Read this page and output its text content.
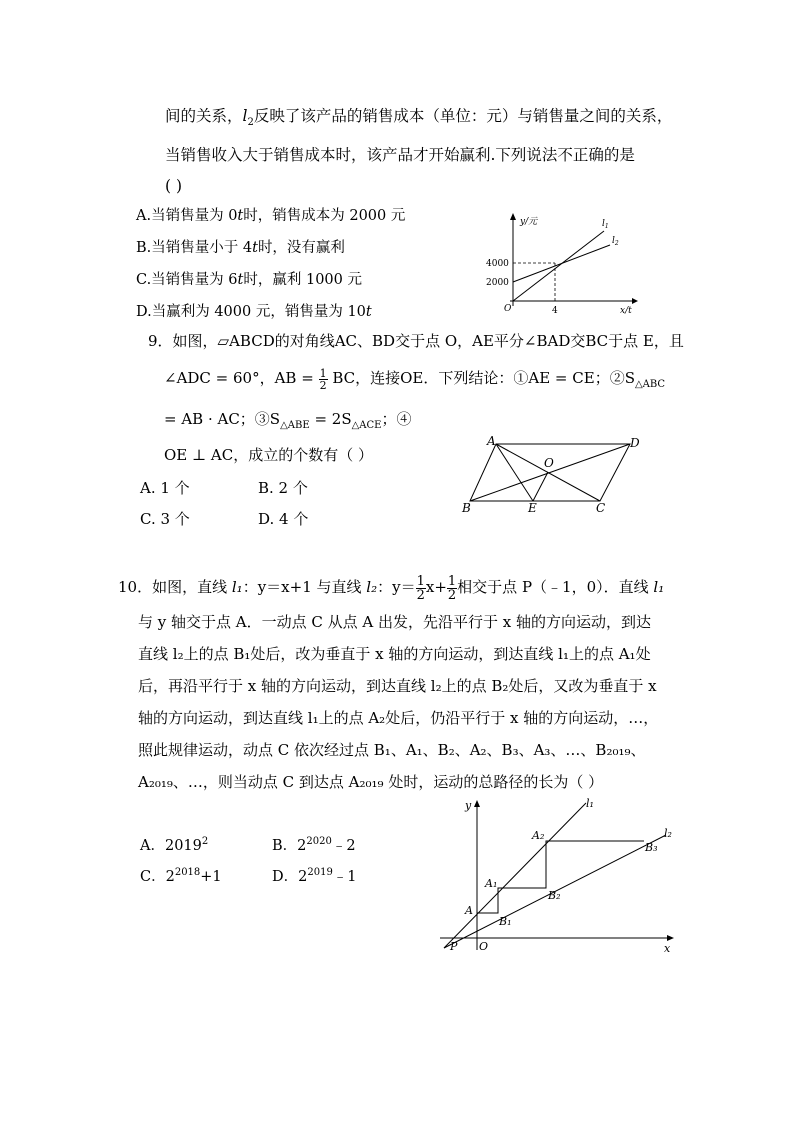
间的关系，$l_2$反映了该产品的销售成本（单位：元）与销售量之间的关系，
当销售收入大于销售成本时，该产品才开始赢利.下列说法不正确的是
( )
A.当销售量为 0t时，销售成本为 2000 元
B.当销售量小于 4t时，没有赢利
C.当销售量为 6t时，赢利 1000 元
D.当赢利为 4000 元，销售量为 10t
y/元
x/t
O
4000
2000
4
$l_1$
$l_2$
9．如图，▱ABCD的对角线AC、BD交于点 O，AE平分∠BAD交BC于点 E，且
∠ADC = 60°，AB = $\frac{1}{2}$ BC，连接OE．下列结论：①AE = CE；$②S_{\triangle ABC}$
= AB · AC；$③S_{\triangle ABE} = 2S_{\triangle ACE}$；④
OE ⊥ AC，成立的个数有（ ）
A. 1 个	B. 2 个
C. 3 个	D. 4 个
A	D
O
B	E	C
10．如图，直线 l₁：y＝x+1 与直线 l₂：$y= \frac{1}{2} x+ \frac{1}{2}$ 相交于点 P（﹣1，0）．直线 l₁
与 y 轴交于点 A．一动点 C 从点 A 出发，先沿平行于 x 轴的方向运动，到达
直线 l₂上的点 B₁处后，改为垂直于 x 轴的方向运动，到达直线 l₁上的点 A₁处
后，再沿平行于 x 轴的方向运动，到达直线 l₂上的点 B₂处后，又改为垂直于 x
轴的方向运动，到达直线 l₁上的点 A₂处后，仍沿平行于 x 轴的方向运动，…，
照此规律运动，动点 C 依次经过点 B₁、A₁、B₂、A₂、B₃、A₃、…、B₂₀₁₉、
A₂₀₁₉、…，则当动点 C 到达点 A₂₀₁₉ 处时，运动的总路径的长为（ ）
A．2019$^2$	B．$2^{2020}﹣2$
C．$2^{2018}+1$	D．$2^{2019}﹣1$
y
x
l₁
l₂
A₂
B₃
A₁
B₂
A
B₁
P O
